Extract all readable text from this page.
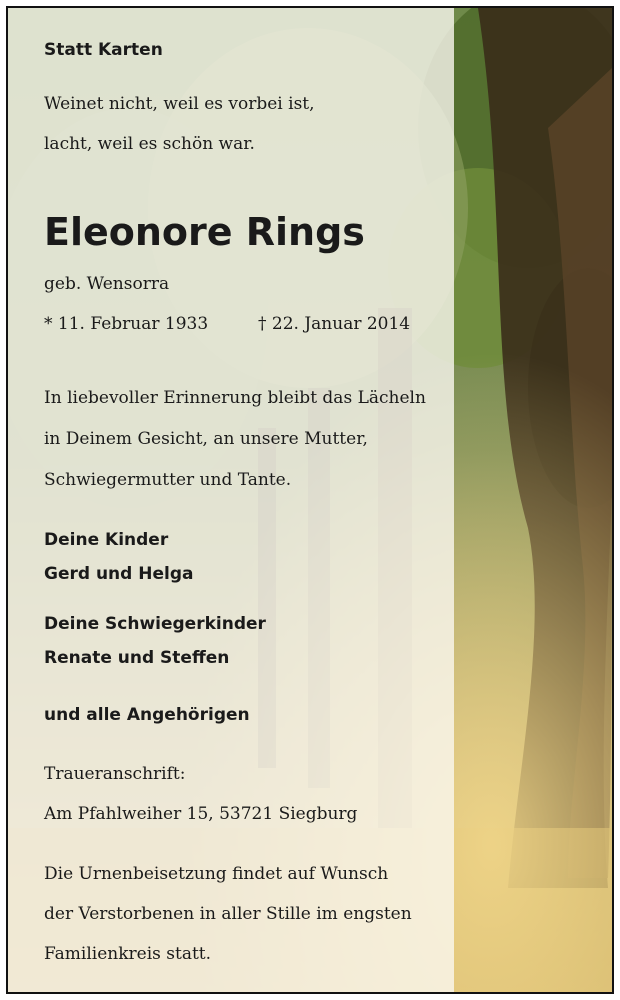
Statt Karten
Weinet nicht, weil es vorbei ist,
lacht, weil es schön war.
Eleonore Rings
geb. Wensorra
* 11. Februar 1933	† 22. Januar 2014
In liebevoller Erinnerung bleibt das Lächeln
in Deinem Gesicht, an unsere Mutter,
Schwiegermutter und Tante.
Deine Kinder
Gerd und Helga
Deine Schwiegerkinder
Renate und Steffen
und alle Angehörigen
Traueranschrift:
Am Pfahlweiher 15, 53721 Siegburg
Die Urnenbeisetzung findet auf Wunsch
der Verstorbenen in aller Stille im engsten
Familienkreis statt.
